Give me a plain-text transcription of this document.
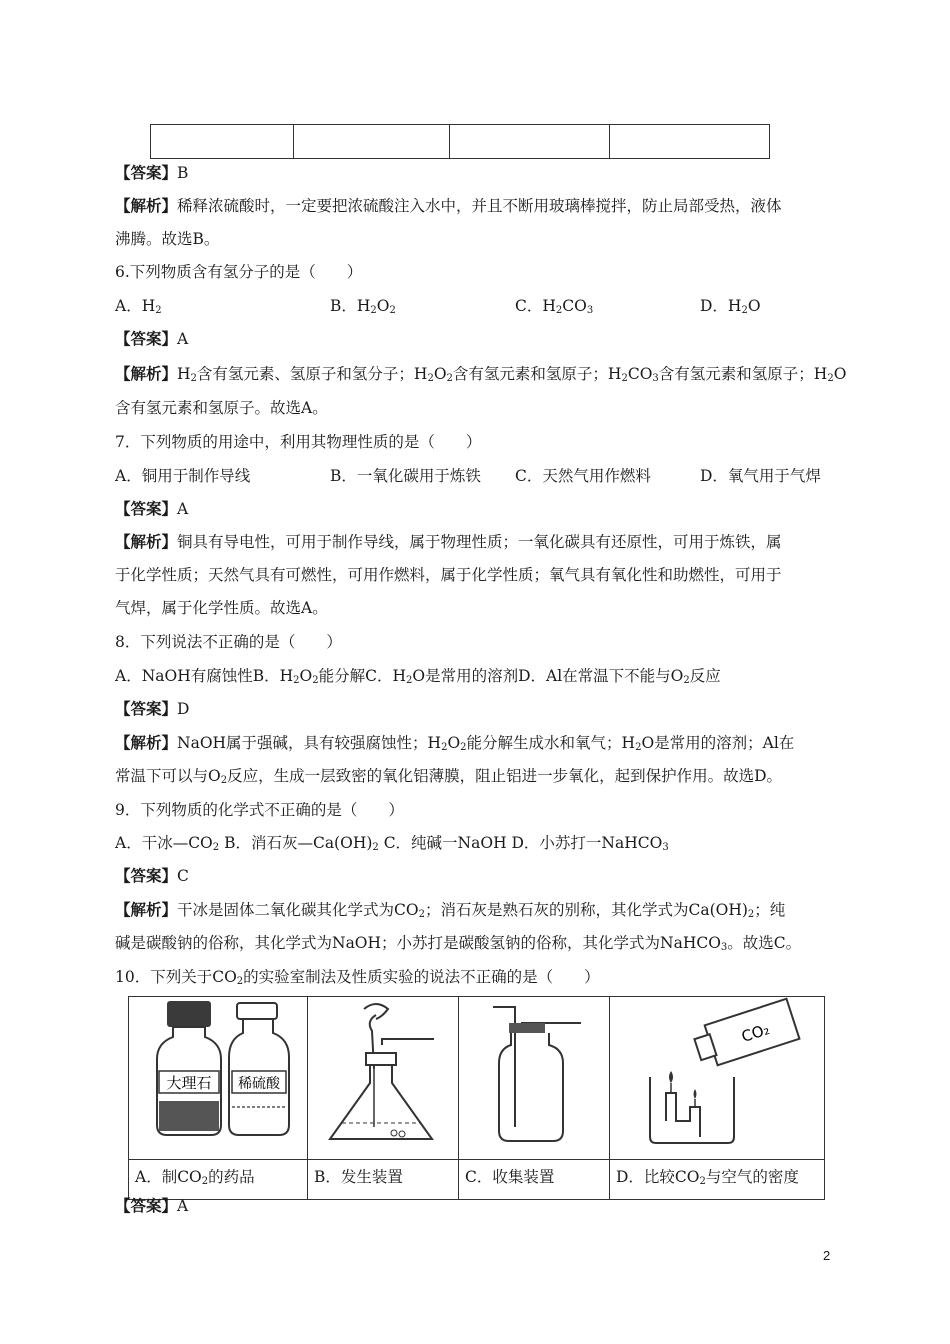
【答案】B
【解析】稀释浓硫酸时，一定要把浓硫酸注入水中，并且不断用玻璃棒搅拌，防止局部受热，液体
沸腾。故选B。
6.下列物质含有氢分子的是（　　）
A．$H_2$	B．$H_2O_2$	C．$H_2CO_3$	D．$H_2O$
【答案】A
【解析】$H_2$含有氢元素、氢原子和氢分子；$H_2O_2$含有氢元素和氢原子；$H_2CO_3$含有氢元素和氢原子；$H_2O$
含有氢元素和氢原子。故选A。
7．下列物质的用途中，利用其物理性质的是（　　）
A．铜用于制作导线	B．一氧化碳用于炼铁 C．天然气用作燃料	D．氧气用于气焊
【答案】A
【解析】铜具有导电性，可用于制作导线，属于物理性质；一氧化碳具有还原性，可用于炼铁，属
于化学性质；天然气具有可燃性，可用作燃料，属于化学性质；氧气具有氧化性和助燃性，可用于
气焊，属于化学性质。故选A。
8．下列说法不正确的是（　　）
A．NaOH有腐蚀性B．$H_2O_2$能分解C．$H_2O$是常用的溶剂D．Al在常温下不能与$O_2$反应
【答案】D
【解析】NaOH属于强碱，具有较强腐蚀性；$H_2O_2$能分解生成水和氧气；$H_2O$是常用的溶剂；Al在
常温下可以与$O_2$反应，生成一层致密的氧化铝薄膜，阻止铝进一步氧化，起到保护作用。故选D。
9．下列物质的化学式不正确的是（　　）
A．干冰$—CO_2$ B．消石灰$—Ca(OH)_2$ C．纯碱一NaOH D．小苏打一NaHCO$_3$
【答案】C
【解析】干冰是固体二氧化碳其化学式为$CO_2$；消石灰是熟石灰的别称，其化学式为$Ca(OH)_2$；纯
碱是碳酸钠的俗称，其化学式为NaOH；小苏打是碳酸氢钠的俗称，其化学式为NaHCO$_3$。故选C。
10．下列关于$CO_2$的实验室制法及性质实验的说法不正确的是（　　）
大理石 稀硫酸			CO₂

A．制$CO_2$的药品	B．发生装置	C．收集装置	D．比较$CO_2$与空气的密度
【答案】A
2
